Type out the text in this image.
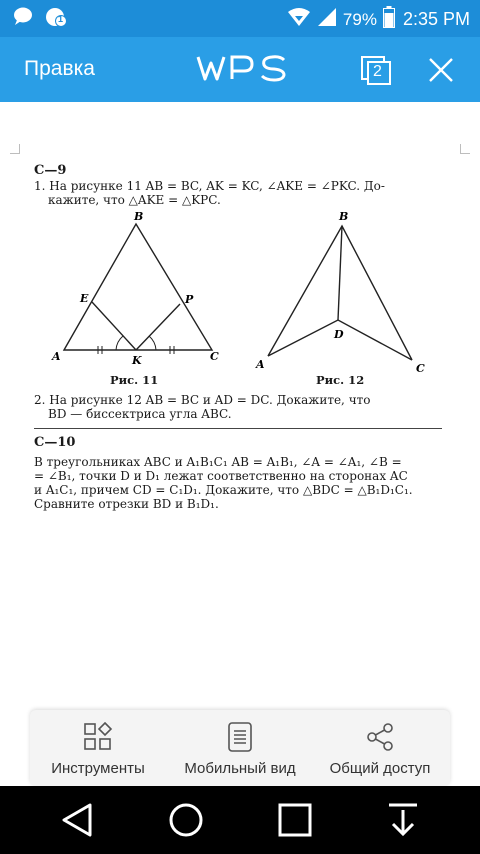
1	79% 2:35 PM
Правка	2
С—9
1. На рисунке 11 AB = BC, AK = KC, ∠AKE = ∠PKC. До-
кажите, что △AKE = △KPC.
B
A	C
E	P
K
Рис. 11
B
A	C
D
Рис. 12
2. На рисунке 12 AB = BC и AD = DC. Докажите, что
BD — биссектриса угла ABC.
С—10
В треугольниках ABC и A₁B₁C₁ AB = A₁B₁, ∠A = ∠A₁, ∠B =
= ∠B₁, точки D и D₁ лежат соответственно на сторонах AC
и A₁C₁, причем CD = C₁D₁. Докажите, что △BDC = △B₁D₁C₁.
Сравните отрезки BD и B₁D₁.
Инструменты	Мобильный вид Общий доступ
